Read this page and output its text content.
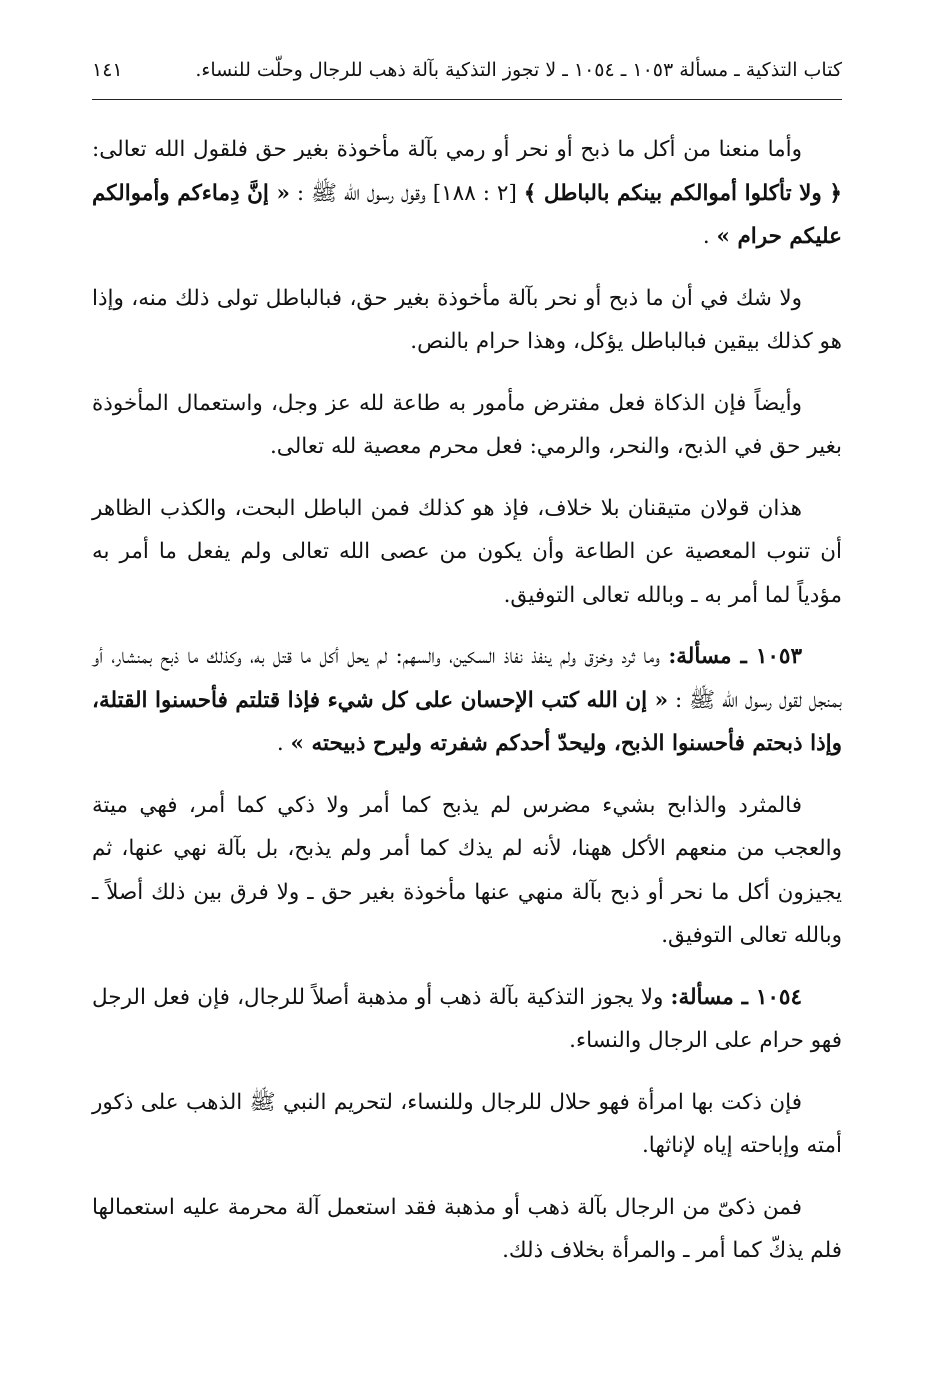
كتاب التذكية ـ مسألة ١٠٥٣ ـ ١٠٥٤ ـ لا تجوز التذكية بآلة ذهب للرجال وحلّت للنساء.
١٤١

وأما منعنا من أكل ما ذبح أو نحر أو رمي بآلة مأخوذة بغير حق فلقول الله تعالى: ﴿ ولا تأكلوا أموالكم بينكم بالباطل ﴾ [٢ : ١٨٨] وقول رسول الله ﷺ : « إنَّ دِماءكم وأموالكم عليكم حرام » .

ولا شك في أن ما ذبح أو نحر بآلة مأخوذة بغير حق، فبالباطل تولى ذلك منه، وإذا هو كذلك بيقين فبالباطل يؤكل، وهذا حرام بالنص.

وأيضاً فإن الذكاة فعل مفترض مأمور به طاعة لله عز وجل، واستعمال المأخوذة بغير حق في الذبح، والنحر، والرمي: فعل محرم معصية لله تعالى.

هذان قولان متيقنان بلا خلاف، فإذ هو كذلك فمن الباطل البحت، والكذب الظاهر أن تنوب المعصية عن الطاعة وأن يكون من عصى الله تعالى ولم يفعل ما أمر به مؤدياً لما أمر به ـ وبالله تعالى التوفيق.

١٠٥٣ ـ مسألة: وما ثرد وخزق ولم ينفذ نفاذ السكين، والسهم: لم يحل أكل ما قتل به، وكذلك ما ذبح بمنشار، أو بمنجل لقول رسول الله ﷺ : « إن الله كتب الإحسان على كل شيء فإذا قتلتم فأحسنوا القتلة، وإذا ذبحتم فأحسنوا الذبح، وليحدّ أحدكم شفرته وليرح ذبيحته » .

فالمثرد والذابح بشيء مضرس لم يذبح كما أمر ولا ذكي كما أمر، فهي ميتة والعجب من منعهم الأكل ههنا، لأنه لم يذك كما أمر ولم يذبح، بل بآلة نهي عنها، ثم يجيزون أكل ما نحر أو ذبح بآلة منهي عنها مأخوذة بغير حق ـ ولا فرق بين ذلك أصلاً ـ وبالله تعالى التوفيق.

١٠٥٤ ـ مسألة: ولا يجوز التذكية بآلة ذهب أو مذهبة أصلاً للرجال، فإن فعل الرجل فهو حرام على الرجال والنساء.

فإن ذكت بها امرأة فهو حلال للرجال وللنساء، لتحريم النبي ﷺ الذهب على ذكور أمته وإباحته إياه لإناثها.

فمن ذكىّ من الرجال بآلة ذهب أو مذهبة فقد استعمل آلة محرمة عليه استعمالها فلم يذكّ كما أمر ـ والمرأة بخلاف ذلك.
